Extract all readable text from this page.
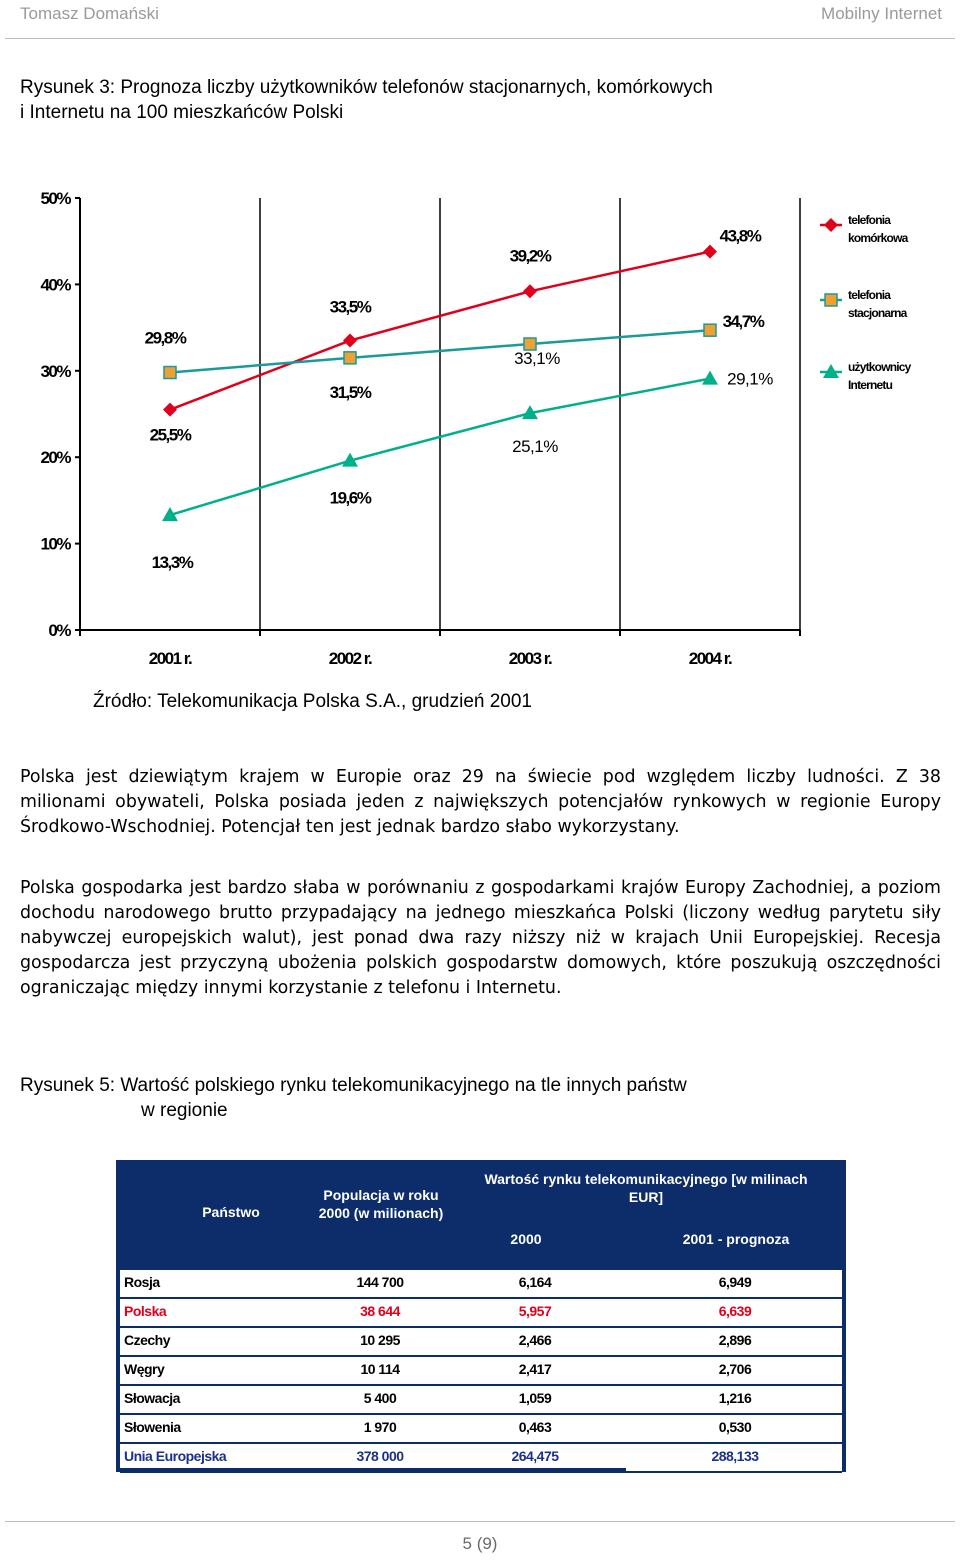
Tomasz Domański	Mobilny Internet
Rysunek 3: Prognoza liczby użytkowników telefonów stacjonarnych, komórkowych
i Internetu na 100 mieszkańców Polski
0%
10%
20%
30%
40%
50%
2001 r.	2002 r.	2003 r.	2004 r.
25,5%
33,5%
39,2%
43,8%
29,8%
31,5%
33,1%
34,7%
13,3%
19,6%
25,1%
29,1%
telefonia
komórkowa
telefonia
stacjonarna
użytkownicy
Internetu
Źródło: Telekomunikacja Polska S.A., grudzień 2001
Polska jest dziewiątym krajem w Europie oraz 29 na świecie pod względem liczby ludności. Z 38 milionami obywateli, Polska posiada jeden z największych potencjałów rynkowych w regionie Europy Środkowo-Wschodniej. Potencjał ten jest jednak bardzo słabo wykorzystany.
Polska gospodarka jest bardzo słaba w porównaniu z gospodarkami krajów Europy Zachodniej, a poziom dochodu narodowego brutto przypadający na jednego mieszkańca Polski (liczony według parytetu siły nabywczej europejskich walut), jest ponad dwa razy niższy niż w krajach Unii Europejskiej. Recesja gospodarcza jest przyczyną ubożenia polskich gospodarstw domowych, które poszukują oszczędności ograniczając między innymi korzystanie z telefonu i Internetu.
Rysunek 5: Wartość polskiego rynku telekomunikacyjnego na tle innych państw
w regionie
Państwo
Populacja w roku 2000 (w milionach)
Wartość rynku telekomunikacyjnego [w milinach EUR]
2000	2001 - prognoza
Rosja	144 700	6,164	6,949
Polska	38 644	5,957	6,639
Czechy	10 295	2,466	2,896
Węgry	10 114	2,417	2,706
Słowacja	5 400	1,059	1,216
Słowenia	1 970	0,463	0,530
Unia Europejska	378 000	264,475	288,133
5 (9)
